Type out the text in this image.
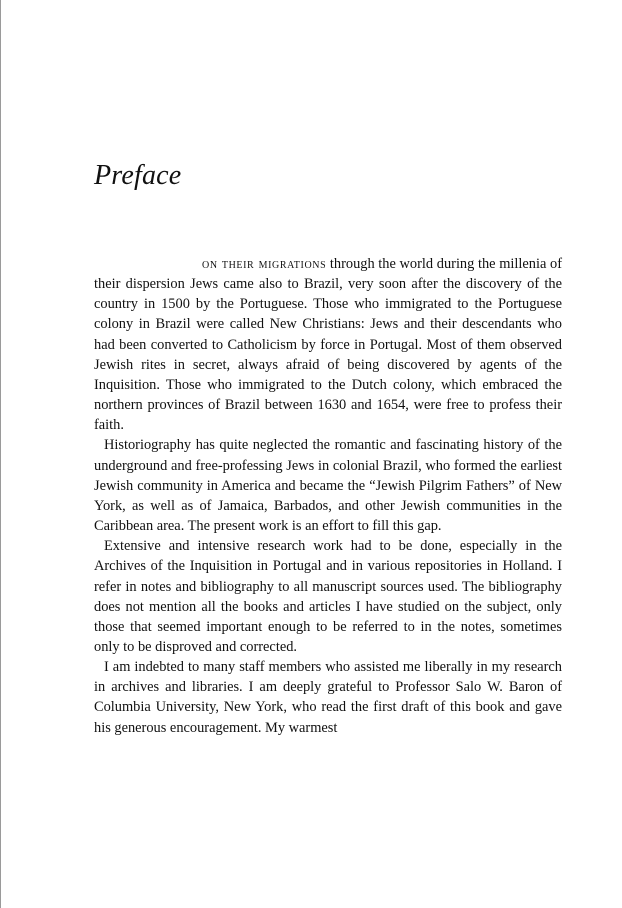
Preface

on their migrations through the world during the millenia of their dispersion Jews came also to Brazil, very soon after the discovery of the country in 1500 by the Portuguese. Those who immigrated to the Portuguese colony in Brazil were called New Christians: Jews and their descendants who had been converted to Catholicism by force in Portugal. Most of them observed Jewish rites in secret, always afraid of being discovered by agents of the Inquisition. Those who immigrated to the Dutch colony, which embraced the northern provinces of Brazil between 1630 and 1654, were free to profess their faith.

Historiography has quite neglected the romantic and fascinating history of the underground and free-professing Jews in colonial Brazil, who formed the earliest Jewish community in America and became the “Jewish Pilgrim Fathers” of New York, as well as of Jamaica, Barbados, and other Jewish communities in the Caribbean area. The present work is an effort to fill this gap.

Extensive and intensive research work had to be done, especially in the Archives of the Inquisition in Portugal and in various repositories in Holland. I refer in notes and bibliography to all manuscript sources used. The bibliography does not mention all the books and articles I have studied on the subject, only those that seemed important enough to be referred to in the notes, sometimes only to be disproved and corrected.

I am indebted to many staff members who assisted me liberally in my research in archives and libraries. I am deeply grateful to Professor Salo W. Baron of Columbia University, New York, who read the first draft of this book and gave his generous encouragement. My warmest
